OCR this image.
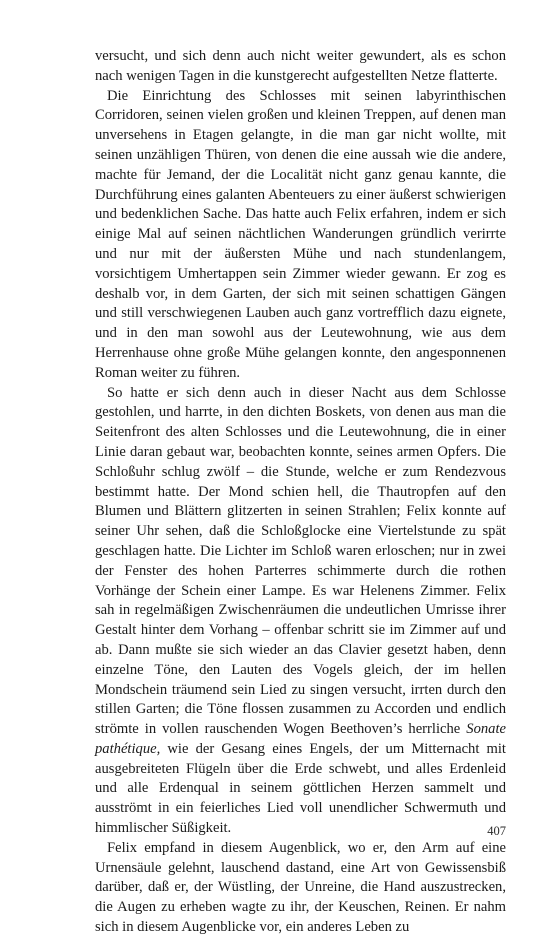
versucht, und sich denn auch nicht weiter gewundert, als es schon nach wenigen Tagen in die kunstgerecht aufgestellten Netze flatterte.

Die Einrichtung des Schlosses mit seinen labyrinthischen Corridoren, seinen vielen großen und kleinen Treppen, auf denen man unversehens in Etagen gelangte, in die man gar nicht wollte, mit seinen unzähligen Thüren, von denen die eine aussah wie die andere, machte für Jemand, der die Localität nicht ganz genau kannte, die Durchführung eines galanten Abenteuers zu einer äußerst schwierigen und bedenklichen Sache. Das hatte auch Felix erfahren, indem er sich einige Mal auf seinen nächtlichen Wanderungen gründlich verirrte und nur mit der äußersten Mühe und nach stundenlangem, vorsichtigem Umhertappen sein Zimmer wieder gewann. Er zog es deshalb vor, in dem Garten, der sich mit seinen schattigen Gängen und still verschwiegenen Lauben auch ganz vortrefflich dazu eignete, und in den man sowohl aus der Leutewohnung, wie aus dem Herrenhause ohne große Mühe gelangen konnte, den angesponnenen Roman weiter zu führen.

So hatte er sich denn auch in dieser Nacht aus dem Schlosse gestohlen, und harrte, in den dichten Boskets, von denen aus man die Seitenfront des alten Schlosses und die Leutewohnung, die in einer Linie daran gebaut war, beobachten konnte, seines armen Opfers. Die Schloßuhr schlug zwölf – die Stunde, welche er zum Rendezvous bestimmt hatte. Der Mond schien hell, die Thautropfen auf den Blumen und Blättern glitzerten in seinen Strahlen; Felix konnte auf seiner Uhr sehen, daß die Schloßglocke eine Viertelstunde zu spät geschlagen hatte. Die Lichter im Schloß waren erloschen; nur in zwei der Fenster des hohen Parterres schimmerte durch die rothen Vorhänge der Schein einer Lampe. Es war Helenens Zimmer. Felix sah in regelmäßigen Zwischenräumen die undeutlichen Umrisse ihrer Gestalt hinter dem Vorhang – offenbar schritt sie im Zimmer auf und ab. Dann mußte sie sich wieder an das Clavier gesetzt haben, denn einzelne Töne, den Lauten des Vogels gleich, der im hellen Mondschein träumend sein Lied zu singen versucht, irrten durch den stillen Garten; die Töne flossen zusammen zu Accorden und endlich strömte in vollen rauschenden Wogen Beethoven’s herrliche Sonate pathétique, wie der Gesang eines Engels, der um Mitternacht mit ausgebreiteten Flügeln über die Erde schwebt, und alles Erdenleid und alle Erdenqual in seinem göttlichen Herzen sammelt und ausströmt in ein feierliches Lied voll unendlicher Schwermuth und himmlischer Süßigkeit.

Felix empfand in diesem Augenblick, wo er, den Arm auf eine Urnensäule gelehnt, lauschend dastand, eine Art von Gewissensbiß darüber, daß er, der Wüstling, der Unreine, die Hand auszustrecken, die Augen zu erheben wagte zu ihr, der Keuschen, Reinen. Er nahm sich in diesem Augenblicke vor, ein anderes Leben zu

407
